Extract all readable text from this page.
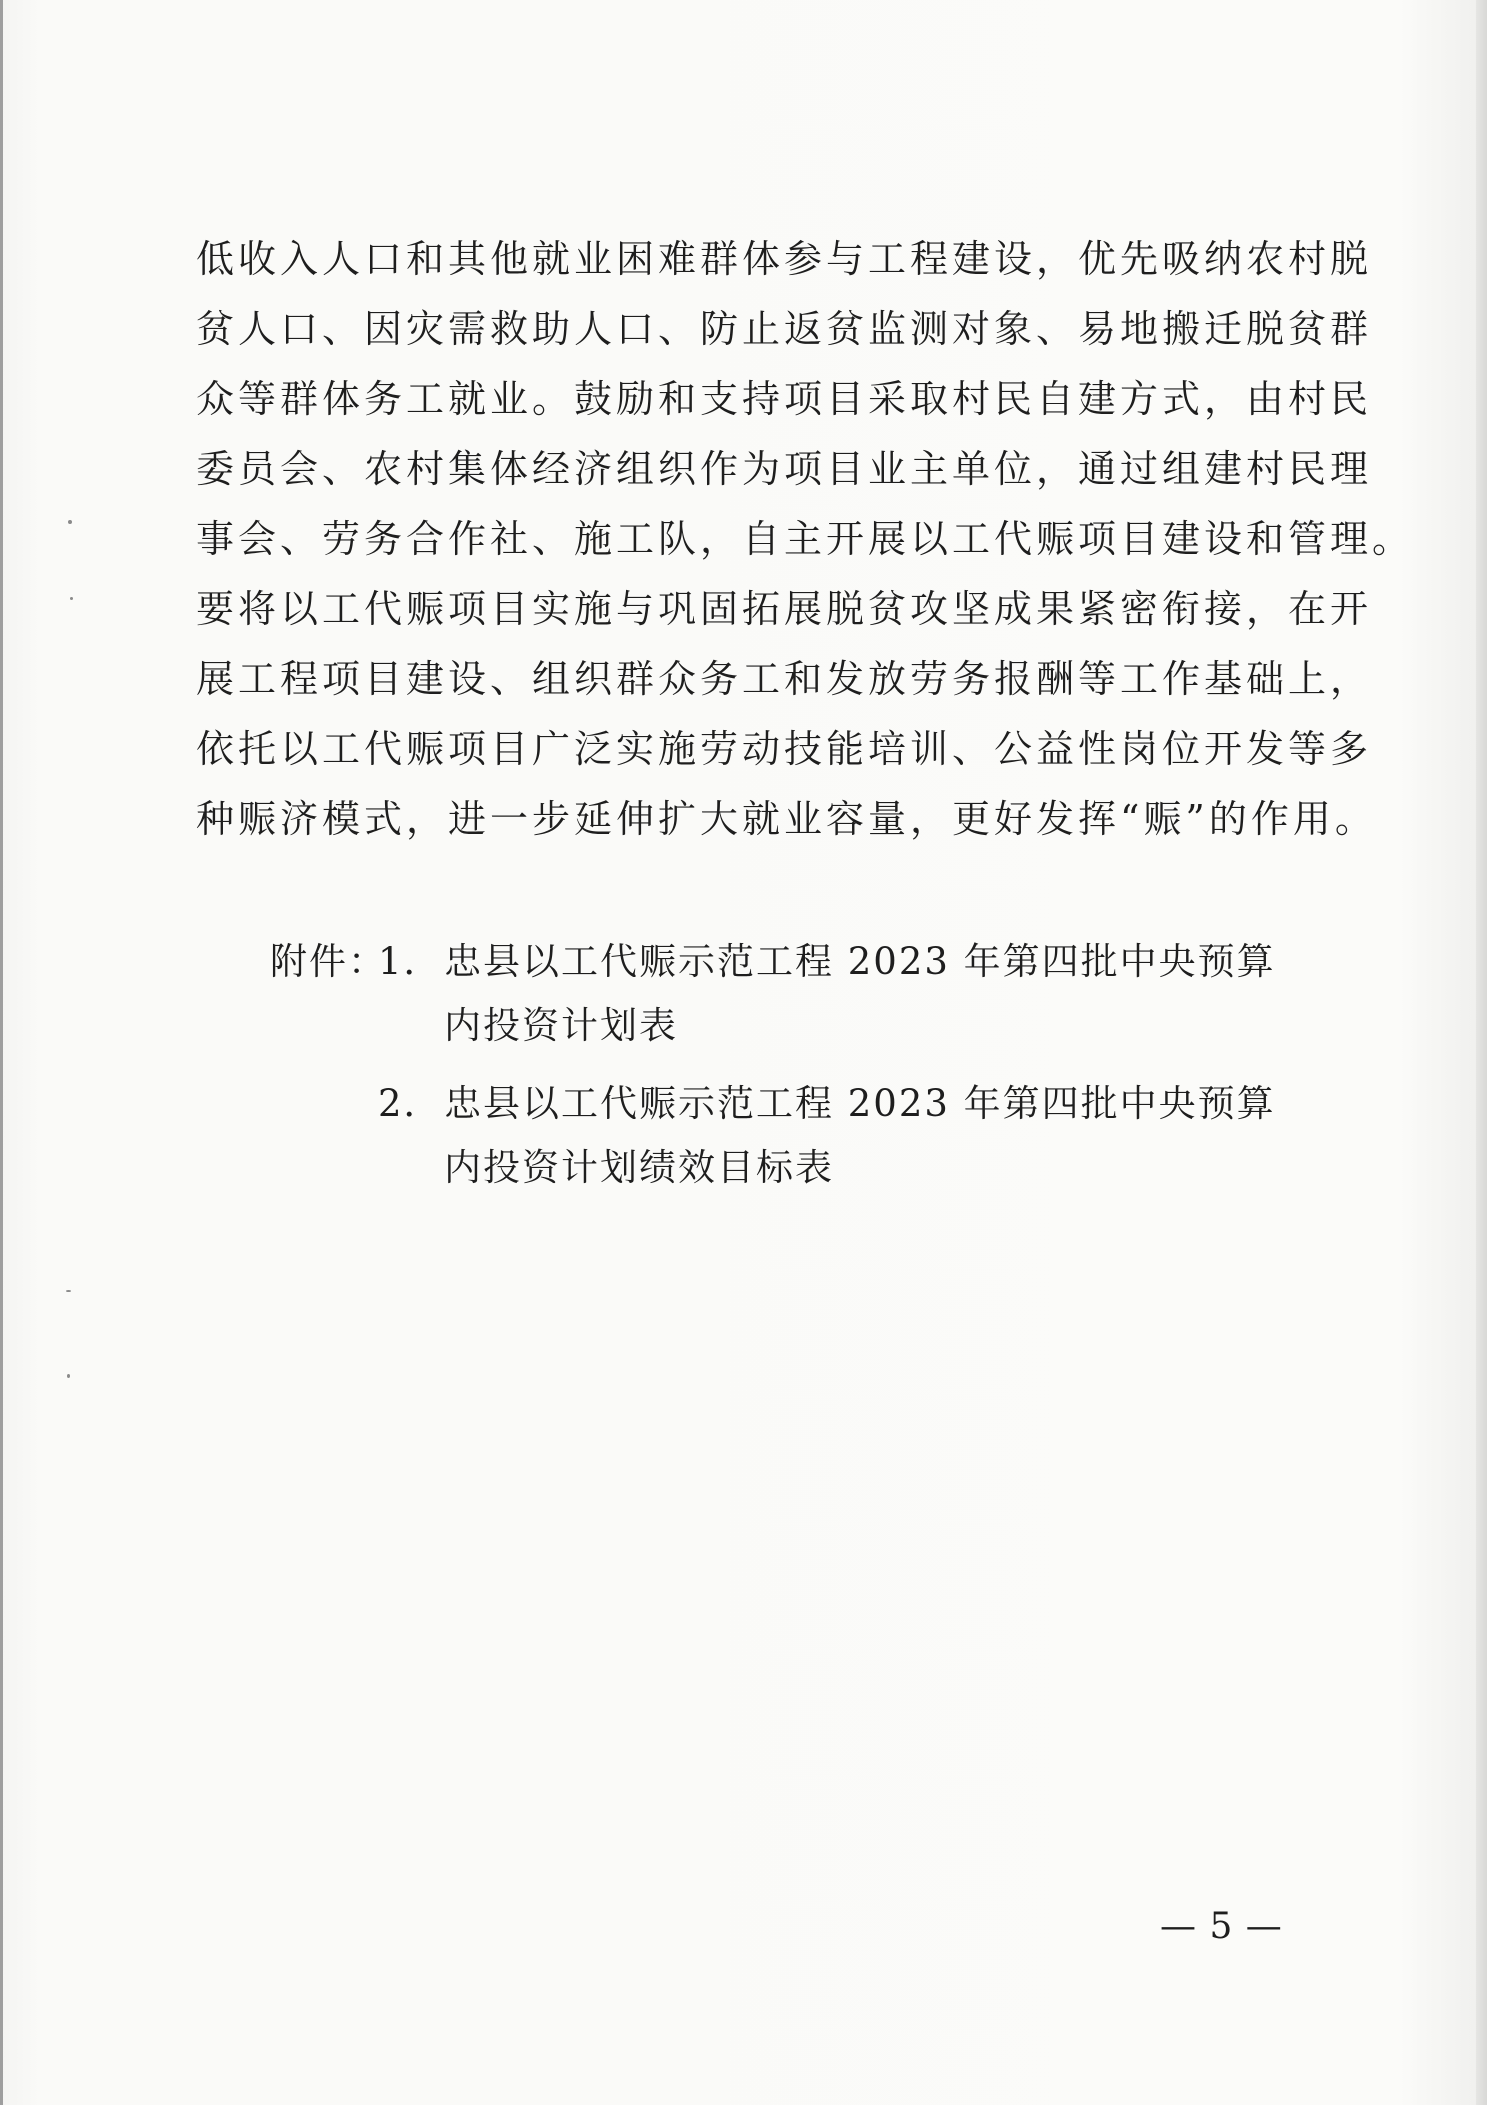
低收入人口和其他就业困难群体参与工程建设，优先吸纳农村脱
贫人口、因灾需救助人口、防止返贫监测对象、易地搬迁脱贫群
众等群体务工就业。鼓励和支持项目采取村民自建方式，由村民
委员会、农村集体经济组织作为项目业主单位，通过组建村民理
事会、劳务合作社、施工队，自主开展以工代赈项目建设和管理。
要将以工代赈项目实施与巩固拓展脱贫攻坚成果紧密衔接，在开
展工程项目建设、组织群众务工和发放劳务报酬等工作基础上，
依托以工代赈项目广泛实施劳动技能培训、公益性岗位开发等多
种赈济模式，进一步延伸扩大就业容量，更好发挥“赈”的作用。
附件：
1． 忠县以工代赈示范工程 2023 年第四批中央预算
内投资计划表
2． 忠县以工代赈示范工程 2023 年第四批中央预算
内投资计划绩效目标表
— 5 —
